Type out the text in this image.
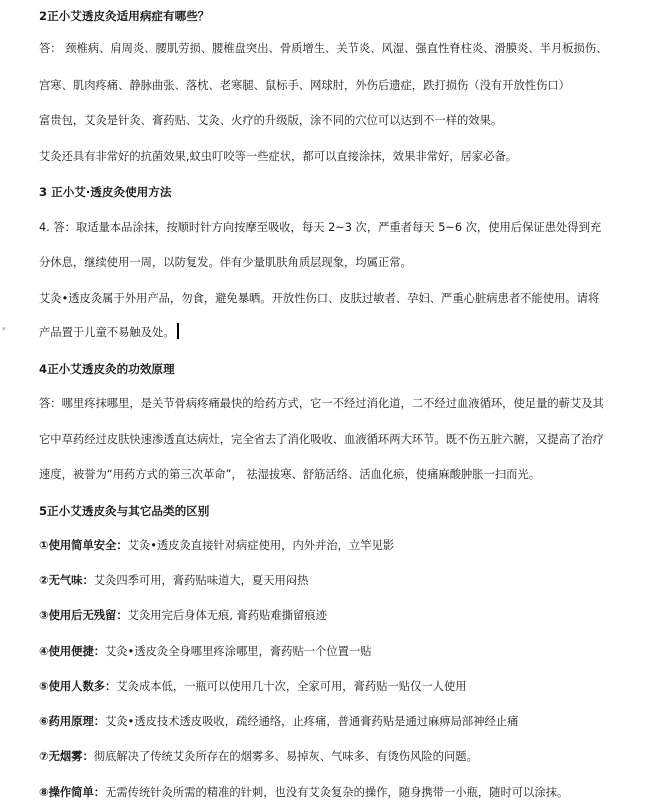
2正小艾透皮灸适用病症有哪些？
答： 颈椎病、肩周炎、腰肌劳损、腰椎盘突出、骨质增生、关节炎、风湿、强直性脊柱炎、滑膜炎、半月板损伤、
宫寒、肌肉疼痛、静脉曲张、落枕、老寒腿、鼠标手、网球肘，外伤后遗症，跌打损伤（没有开放性伤口）
富贵包，艾灸是针灸、膏药贴、艾灸、火疗的升级版，涂不同的穴位可以达到不一样的效果。
艾灸还具有非常好的抗菌效果,蚊虫叮咬等一些症状，都可以直接涂抹，效果非常好，居家必备。
3 正小艾·透皮灸使用方法
4. 答：取适量本品涂抹，按顺时针方向按摩至吸收，每天 2~3 次，严重者每天 5~6 次，使用后保证患处得到充
分休息，继续使用一周，以防复发。伴有少量肌肤角质层现象，均属正常。
艾灸•透皮灸属于外用产品，勿食，避免暴晒。开放性伤口、皮肤过敏者、孕妇、严重心脏病患者不能使用。请将
产品置于儿童不易触及处。
▾
4正小艾透皮灸的功效原理
答：哪里疼抹哪里，是关节骨病疼痛最快的给药方式，它一不经过消化道，二不经过血液循环，使足量的蕲艾及其
它中草药经过皮肤快速渗透直达病灶，完全省去了消化吸收、血液循环两大环节。既不伤五脏六腑，又提高了治疗
速度，被誉为“用药方式的第三次革命”， 祛湿拔寒、舒筋活络、活血化瘀，使痛麻酸肿胀一扫而光。
5正小艾透皮灸与其它品类的区别
①使用简单安全：艾灸•透皮灸直接针对病症使用，内外并治，立竿见影
②无气味：艾灸四季可用，膏药贴味道大，夏天用闷热
③使用后无残留：艾灸用完后身体无痕, 膏药贴难撕留痕迹
④使用便捷：艾灸•透皮灸全身哪里疼涂哪里，膏药贴一个位置一贴
⑤使用人数多：艾灸成本低，一瓶可以使用几十次，全家可用，膏药贴一贴仅一人使用
⑥药用原理：艾灸•透皮技术透皮吸收，疏经通络，止疼痛，普通膏药贴是通过麻痹局部神经止痛
⑦无烟雾：彻底解决了传统艾灸所存在的烟雾多、易掉灰、气味多、有烫伤风险的问题。
⑧操作简单：无需传统针灸所需的精准的针刺，也没有艾灸复杂的操作，随身携带一小瓶，随时可以涂抹。
